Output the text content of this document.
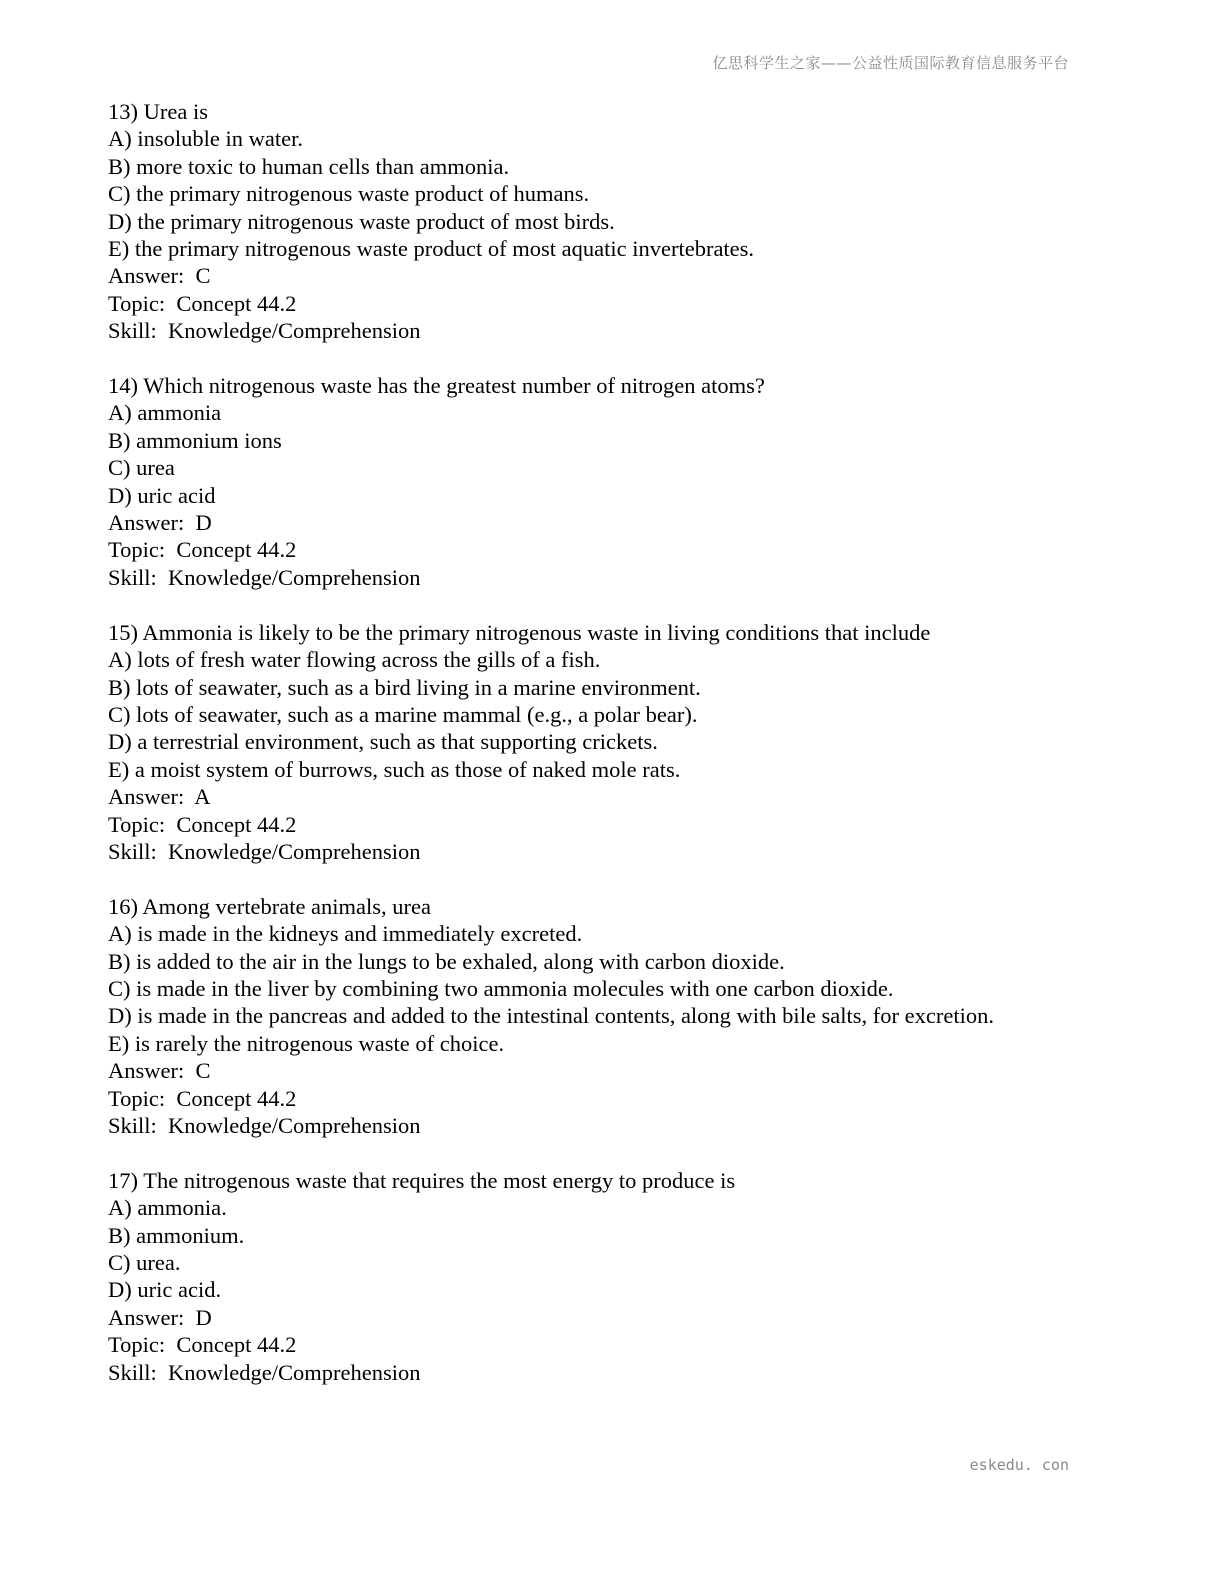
亿思科学生之家——公益性质国际教育信息服务平台
13) Urea is
A) insoluble in water.
B) more toxic to human cells than ammonia.
C) the primary nitrogenous waste product of humans.
D) the primary nitrogenous waste product of most birds.
E) the primary nitrogenous waste product of most aquatic invertebrates.
Answer:  C
Topic:  Concept 44.2
Skill:  Knowledge/Comprehension
14) Which nitrogenous waste has the greatest number of nitrogen atoms?
A) ammonia
B) ammonium ions
C) urea
D) uric acid
Answer:  D
Topic:  Concept 44.2
Skill:  Knowledge/Comprehension
15) Ammonia is likely to be the primary nitrogenous waste in living conditions that include
A) lots of fresh water flowing across the gills of a fish.
B) lots of seawater, such as a bird living in a marine environment.
C) lots of seawater, such as a marine mammal (e.g., a polar bear).
D) a terrestrial environment, such as that supporting crickets.
E) a moist system of burrows, such as those of naked mole rats.
Answer:  A
Topic:  Concept 44.2
Skill:  Knowledge/Comprehension
16) Among vertebrate animals, urea
A) is made in the kidneys and immediately excreted.
B) is added to the air in the lungs to be exhaled, along with carbon dioxide.
C) is made in the liver by combining two ammonia molecules with one carbon dioxide.
D) is made in the pancreas and added to the intestinal contents, along with bile salts, for excretion.
E) is rarely the nitrogenous waste of choice.
Answer:  C
Topic:  Concept 44.2
Skill:  Knowledge/Comprehension
17) The nitrogenous waste that requires the most energy to produce is
A) ammonia.
B) ammonium.
C) urea.
D) uric acid.
Answer:  D
Topic:  Concept 44.2
Skill:  Knowledge/Comprehension
eskedu. con
